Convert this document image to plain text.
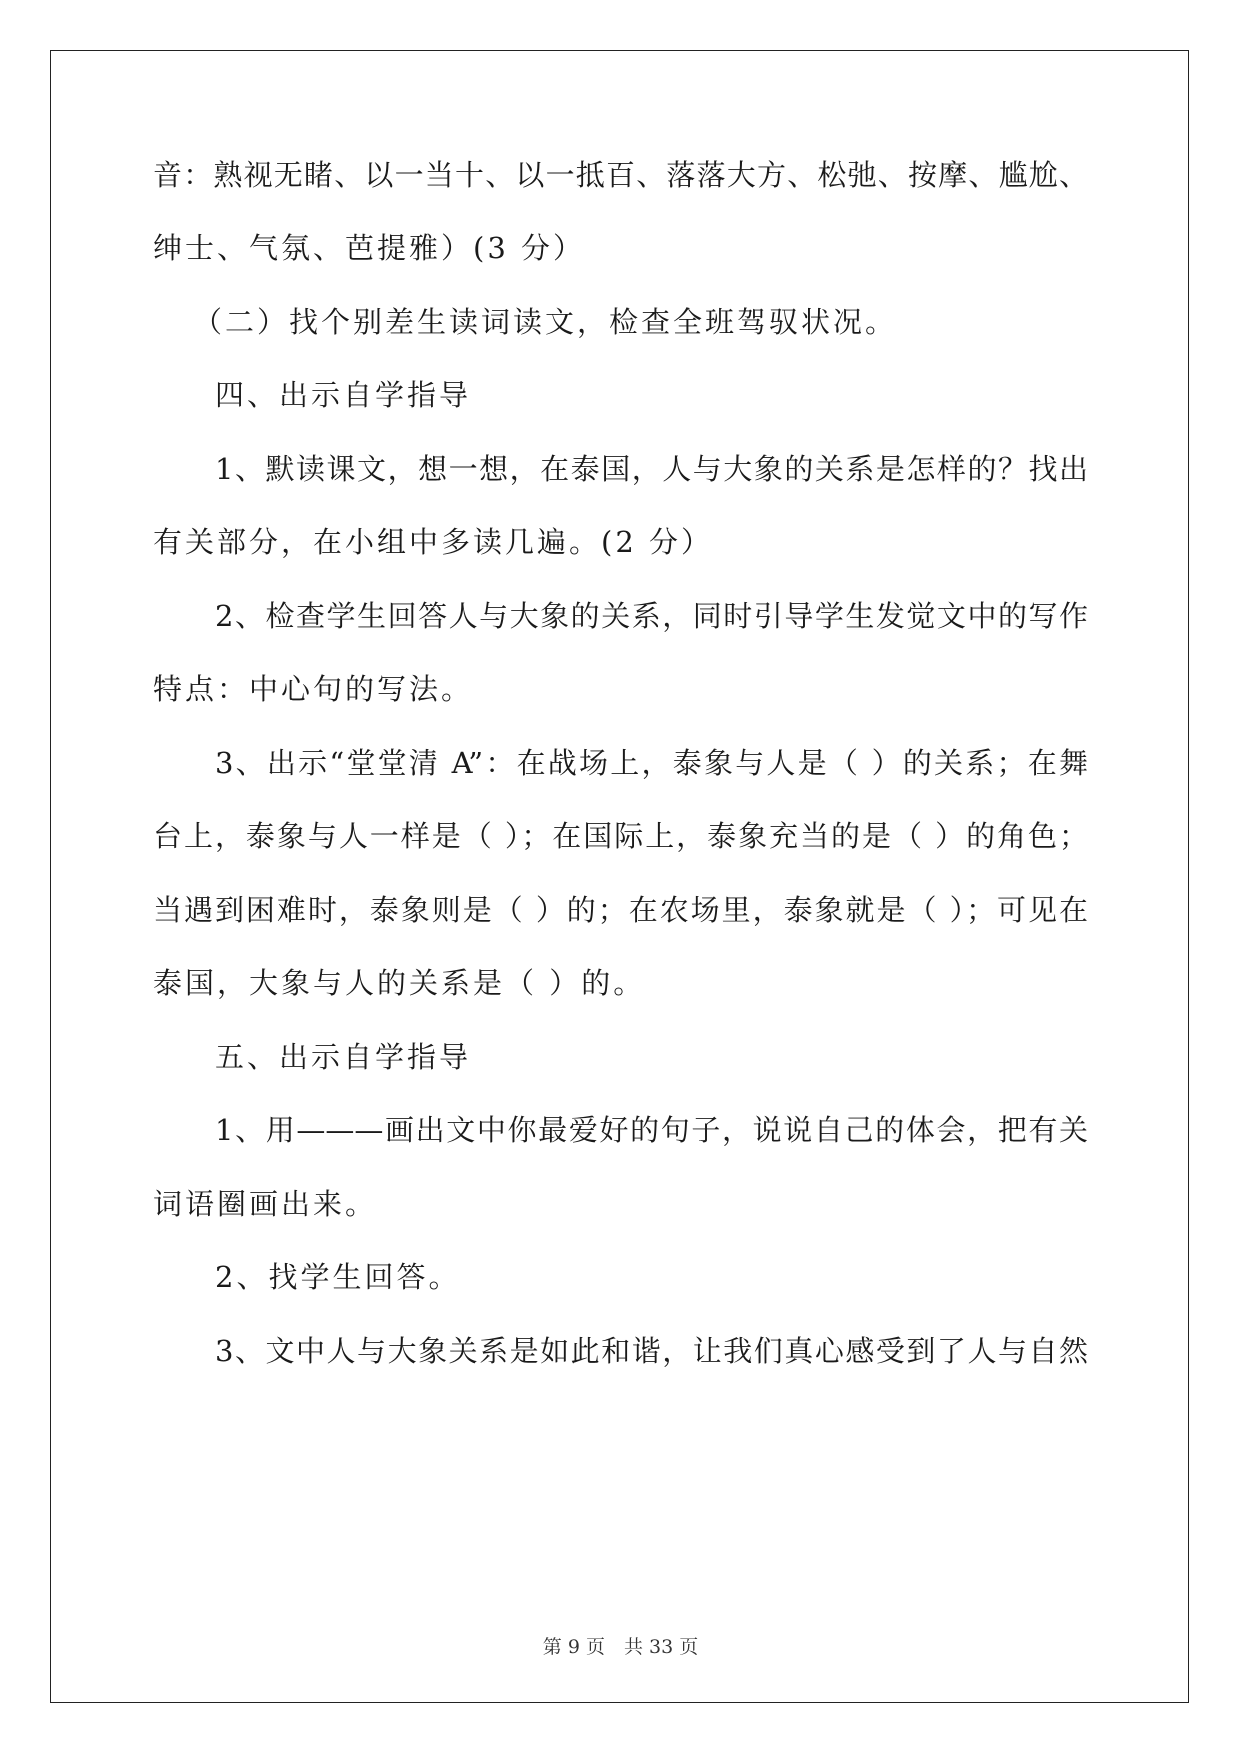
音：熟视无睹、以一当十、以一抵百、落落大方、松弛、按摩、尴尬、
绅士、气氛、芭提雅）(3 分）
（二）找个别差生读词读文，检查全班驾驭状况。
四、出示自学指导
1、默读课文，想一想，在泰国，人与大象的关系是怎样的？找出
有关部分，在小组中多读几遍。(2 分）
2、检查学生回答人与大象的关系，同时引导学生发觉文中的写作
特点：中心句的写法。
3、出示“堂堂清 A”：在战场上，泰象与人是（ ）的关系；在舞
台上，泰象与人一样是（ ）；在国际上，泰象充当的是（ ）的角色；
当遇到困难时，泰象则是（ ）的；在农场里，泰象就是（ ）；可见在
泰国，大象与人的关系是（ ）的。
五、出示自学指导
1、用———画出文中你最爱好的句子，说说自己的体会，把有关
词语圈画出来。
2、找学生回答。
3、文中人与大象关系是如此和谐，让我们真心感受到了人与自然
第 9 页　共 33 页
